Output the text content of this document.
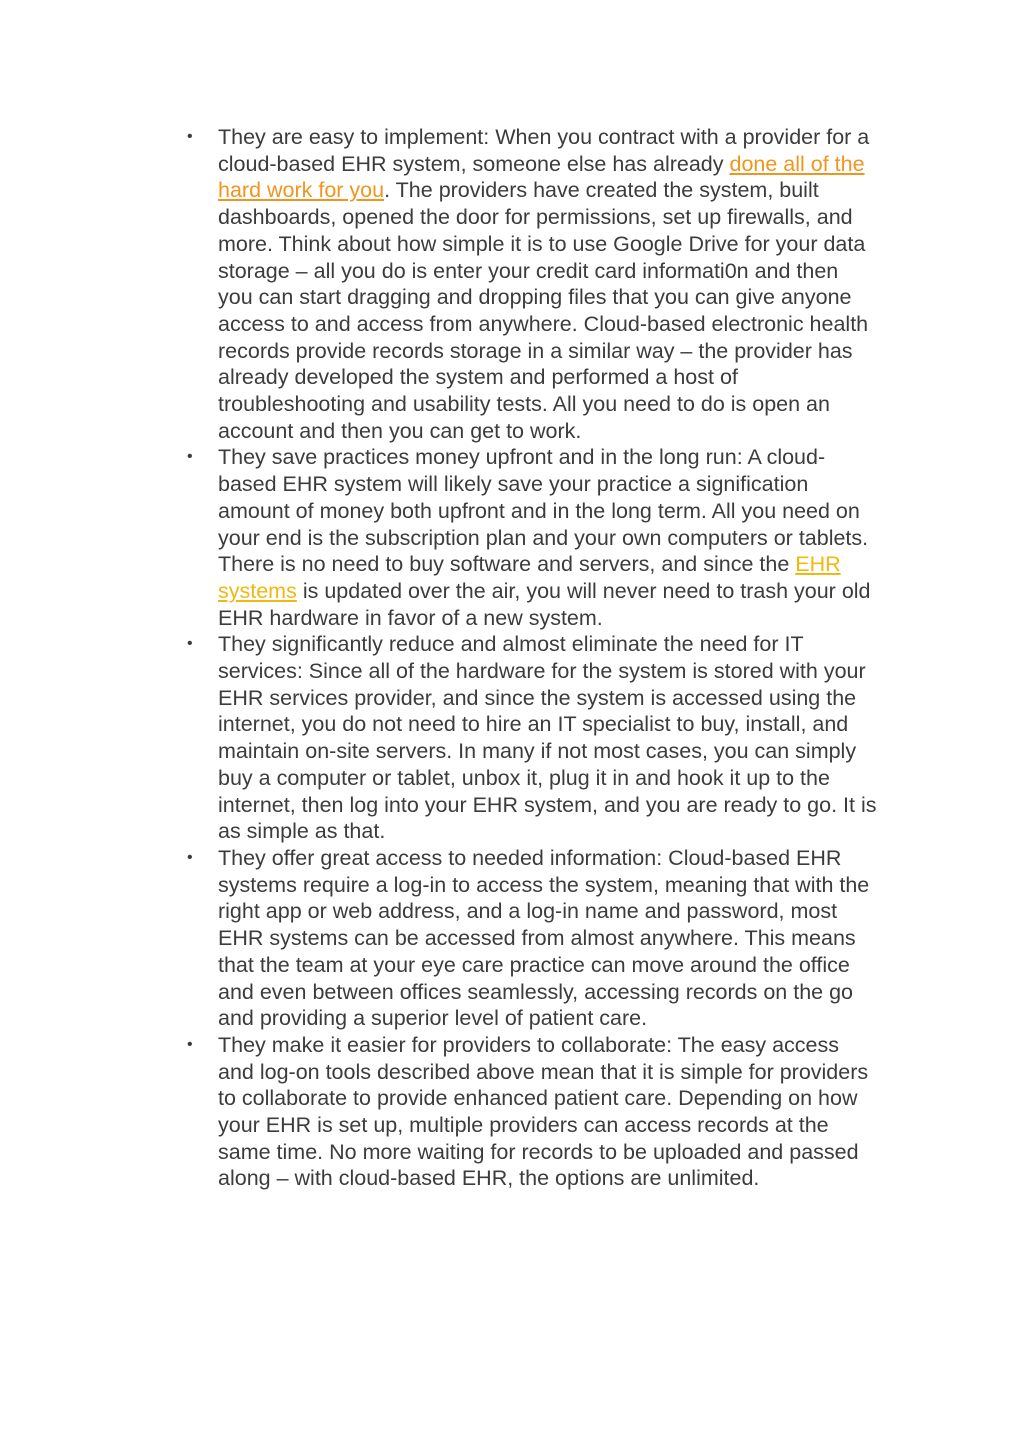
• They are easy to implement: When you contract with a provider for a cloud-based EHR system, someone else has already done all of the hard work for you. The providers have created the system, built dashboards, opened the door for permissions, set up firewalls, and more. Think about how simple it is to use Google Drive for your data storage – all you do is enter your credit card informati0n and then you can start dragging and dropping files that you can give anyone access to and access from anywhere. Cloud-based electronic health records provide records storage in a similar way – the provider has already developed the system and performed a host of troubleshooting and usability tests. All you need to do is open an account and then you can get to work.
• They save practices money upfront and in the long run: A cloud-based EHR system will likely save your practice a signification amount of money both upfront and in the long term. All you need on your end is the subscription plan and your own computers or tablets. There is no need to buy software and servers, and since the EHR systems is updated over the air, you will never need to trash your old EHR hardware in favor of a new system.
• They significantly reduce and almost eliminate the need for IT services: Since all of the hardware for the system is stored with your EHR services provider, and since the system is accessed using the internet, you do not need to hire an IT specialist to buy, install, and maintain on-site servers. In many if not most cases, you can simply buy a computer or tablet, unbox it, plug it in and hook it up to the internet, then log into your EHR system, and you are ready to go. It is as simple as that.
• They offer great access to needed information: Cloud-based EHR systems require a log-in to access the system, meaning that with the right app or web address, and a log-in name and password, most EHR systems can be accessed from almost anywhere. This means that the team at your eye care practice can move around the office and even between offices seamlessly, accessing records on the go and providing a superior level of patient care.
• They make it easier for providers to collaborate: The easy access and log-on tools described above mean that it is simple for providers to collaborate to provide enhanced patient care. Depending on how your EHR is set up, multiple providers can access records at the same time. No more waiting for records to be uploaded and passed along – with cloud-based EHR, the options are unlimited.
